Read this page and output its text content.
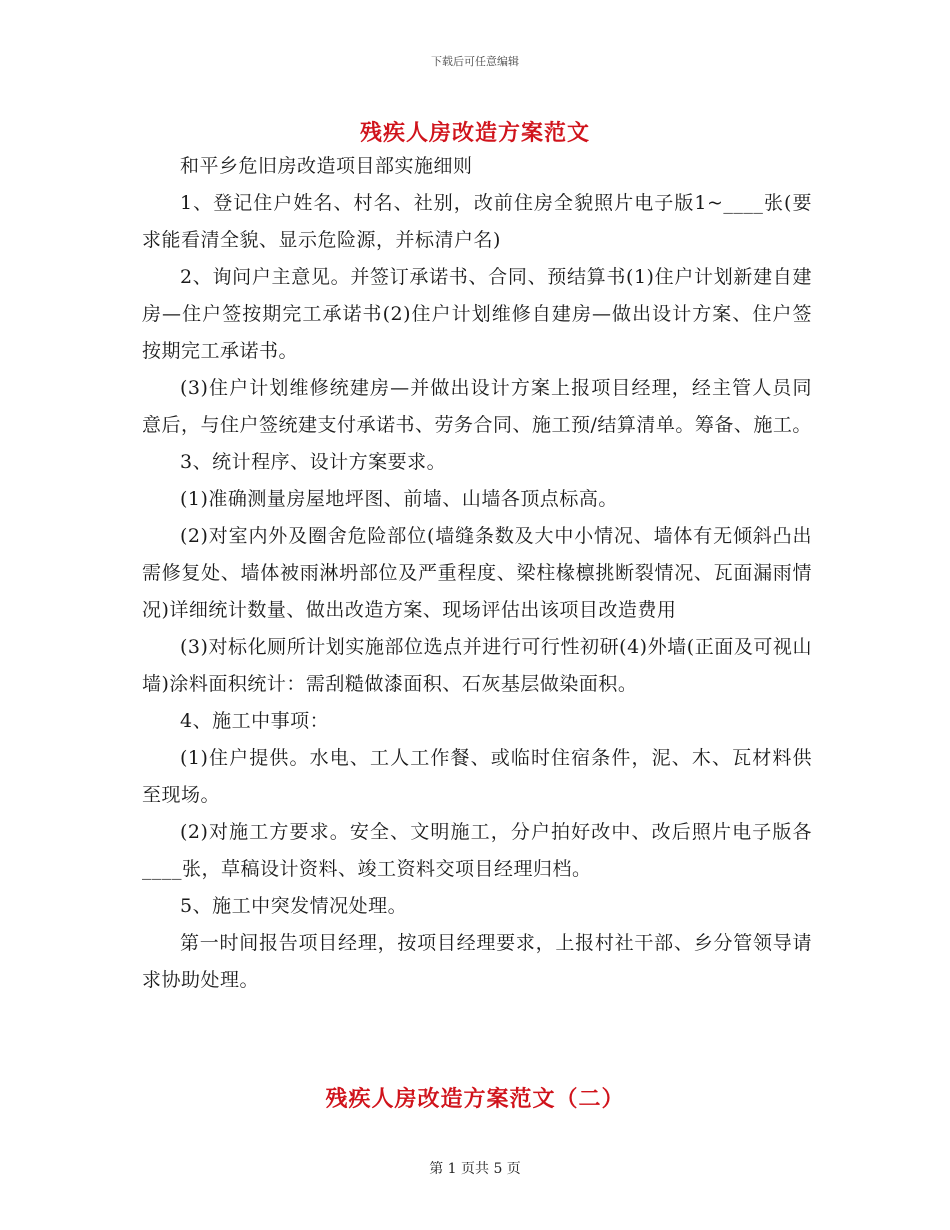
下载后可任意编辑
残疾人房改造方案范文

和平乡危旧房改造项目部实施细则

1、登记住户姓名、村名、社别，改前住房全貌照片电子版1~____张(要求能看清全貌、显示危险源，并标清户名)

2、询问户主意见。并签订承诺书、合同、预结算书(1)住户计划新建自建房—住户签按期完工承诺书(2)住户计划维修自建房—做出设计方案、住户签按期完工承诺书。

(3)住户计划维修统建房—并做出设计方案上报项目经理，经主管人员同意后，与住户签统建支付承诺书、劳务合同、施工预/结算清单。筹备、施工。

3、统计程序、设计方案要求。

(1)准确测量房屋地坪图、前墙、山墙各顶点标高。

(2)对室内外及圈舍危险部位(墙缝条数及大中小情况、墙体有无倾斜凸出需修复处、墙体被雨淋坍部位及严重程度、梁柱椽檩挑断裂情况、瓦面漏雨情况)详细统计数量、做出改造方案、现场评估出该项目改造费用

(3)对标化厕所计划实施部位选点并进行可行性初研(4)外墙(正面及可视山墙)涂料面积统计：需刮糙做漆面积、石灰基层做染面积。

4、施工中事项：

(1)住户提供。水电、工人工作餐、或临时住宿条件，泥、木、瓦材料供至现场。

(2)对施工方要求。安全、文明施工，分户拍好改中、改后照片电子版各____张，草稿设计资料、竣工资料交项目经理归档。

5、施工中突发情况处理。

第一时间报告项目经理，按项目经理要求，上报村社干部、乡分管领导请求协助处理。

残疾人房改造方案范文（二）
第 1 页共 5 页
